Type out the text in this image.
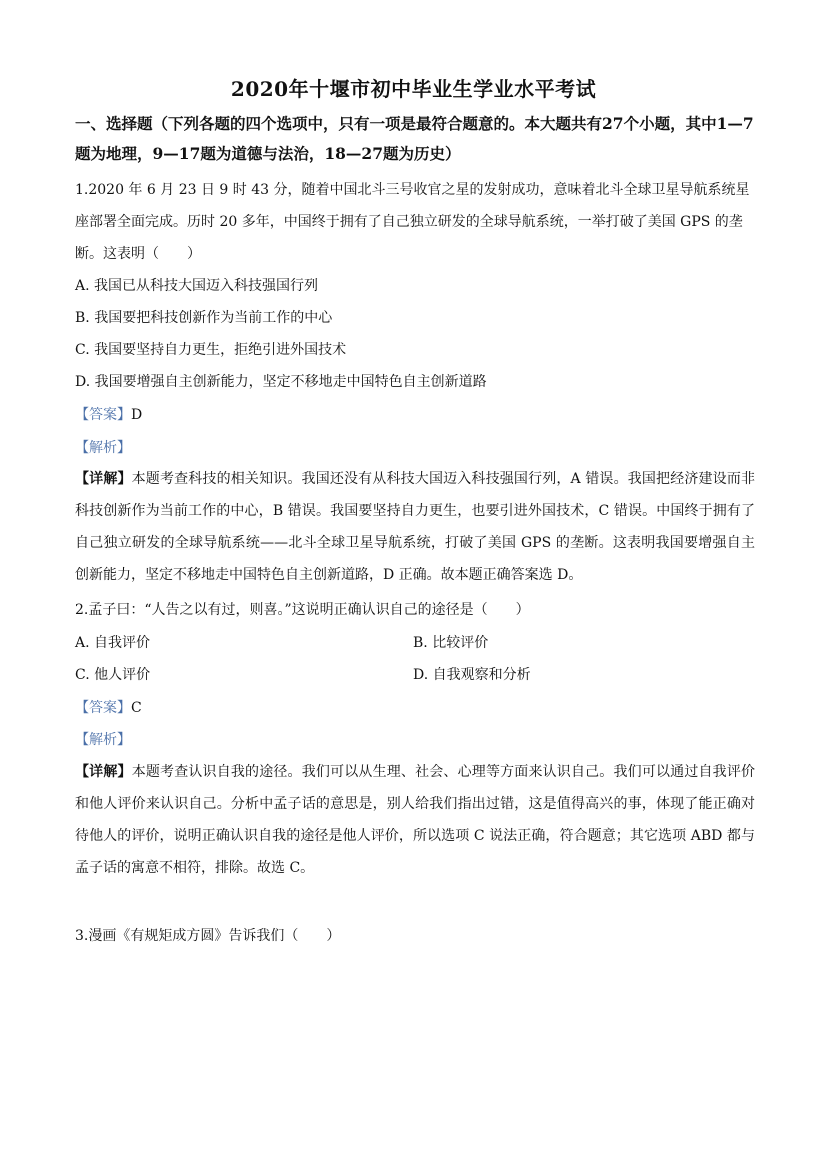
2020年十堰市初中毕业生学业水平考试
一、选择题（下列各题的四个选项中，只有一项是最符合题意的。本大题共有27个小题，其中1—7题为地理，9—17题为道德与法治，18—27题为历史）
1.2020 年 6 月 23 日 9 时 43 分，随着中国北斗三号收官之星的发射成功，意味着北斗全球卫星导航系统星
座部署全面完成。历时 20 多年，中国终于拥有了自己独立研发的全球导航系统，一举打破了美国 GPS 的垄
断。这表明（　　）
A. 我国已从科技大国迈入科技强国行列
B. 我国要把科技创新作为当前工作的中心
C. 我国要坚持自力更生，拒绝引进外国技术
D. 我国要增强自主创新能力，坚定不移地走中国特色自主创新道路
【答案】D
【解析】
【详解】本题考查科技的相关知识。我国还没有从科技大国迈入科技强国行列，A 错误。我国把经济建设而非科技创新作为当前工作的中心，B 错误。我国要坚持自力更生，也要引进外国技术，C 错误。中国终于拥有了自己独立研发的全球导航系统——北斗全球卫星导航系统，打破了美国 GPS 的垄断。这表明我国要增强自主创新能力，坚定不移地走中国特色自主创新道路，D 正确。故本题正确答案选 D。
2.孟子曰：“人告之以有过，则喜。”这说明正确认识自己的途径是（　　）
A. 自我评价	B. 比较评价
C. 他人评价	D. 自我观察和分析
【答案】C
【解析】
【详解】本题考查认识自我的途径。我们可以从生理、社会、心理等方面来认识自己。我们可以通过自我评价和他人评价来认识自己。分析中孟子话的意思是，别人给我们指出过错，这是值得高兴的事，体现了能正确对待他人的评价，说明正确认识自我的途径是他人评价，所以选项 C 说法正确，符合题意；其它选项 ABD 都与孟子话的寓意不相符，排除。故选 C。
3.漫画《有规矩成方圆》告诉我们（　　）
